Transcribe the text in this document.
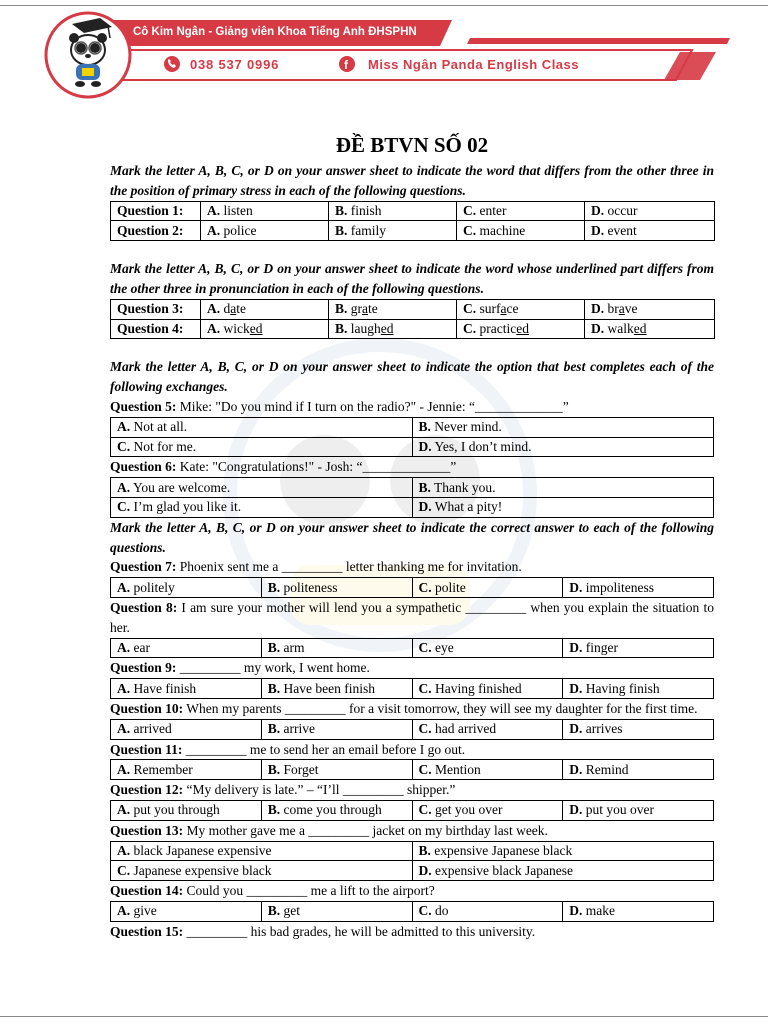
f
Cô Kim Ngân - Giảng viên Khoa Tiếng Anh ĐHSPHN
038 537 0996	Miss Ngân Panda English Class
ĐỀ BTVN SỐ 02

Mark the letter A, B, C, or D on your answer sheet to indicate the word that differs from the other three in the position of primary stress in each of the following questions.

Question 1:	A. listen	B. finish	C. enter	D. occur
Question 2:	A. police	B. family	C. machine	D. event

Mark the letter A, B, C, or D on your answer sheet to indicate the word whose underlined part differs from the other three in pronunciation in each of the following questions.

Question 3:	A. date	B. grate	C. surface	D. brave
Question 4:	A. wicked	B. laughed	C. practiced	D. walked

Mark the letter A, B, C, or D on your answer sheet to indicate the option that best completes each of the following exchanges.

Question 5: Mike: "Do you mind if I turn on the radio?" - Jennie: “_____________”

A. Not at all.	B. Never mind.
C. Not for me.	D. Yes, I don’t mind.

Question 6: Kate: "Congratulations!" - Josh: “_____________”

A. You are welcome.	B. Thank you.
C. I’m glad you like it.	D. What a pity!

Mark the letter A, B, C, or D on your answer sheet to indicate the correct answer to each of the following questions.

Question 7: Phoenix sent me a _________ letter thanking me for invitation.

A. politely	B. politeness	C. polite	D. impoliteness

Question 8: I am sure your mother will lend you a sympathetic _________ when you explain the situation to her.

A. ear	B. arm	C. eye	D. finger

Question 9: _________ my work, I went home.

A. Have finish	B. Have been finish	C. Having finished	D. Having finish

Question 10: When my parents _________ for a visit tomorrow, they will see my daughter for the first time.

A. arrived	B. arrive	C. had arrived	D. arrives

Question 11: _________ me to send her an email before I go out.

A. Remember	B. Forget	C. Mention	D. Remind

Question 12: “My delivery is late.” – “I’ll _________ shipper.”

A. put you through	B. come you through	C. get you over	D. put you over

Question 13: My mother gave me a _________ jacket on my birthday last week.

A. black Japanese expensive	B. expensive Japanese black
C. Japanese expensive black	D. expensive black Japanese

Question 14: Could you _________ me a lift to the airport?

A. give	B. get	C. do	D. make

Question 15: _________ his bad grades, he will be admitted to this university.
